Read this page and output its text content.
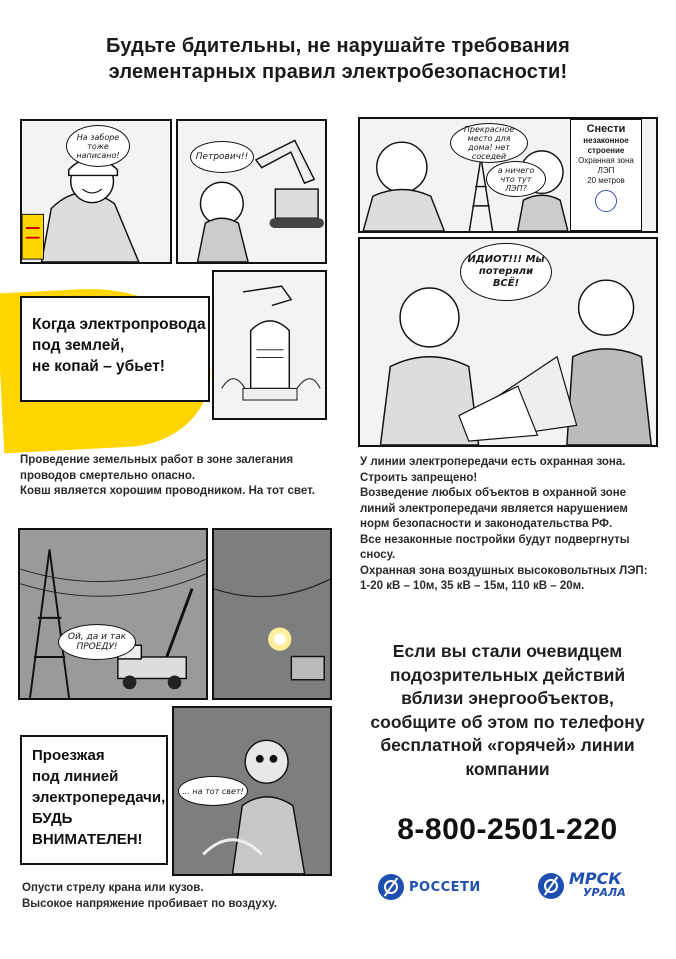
Будьте бдительны, не нарушайте требования
элементарных правил электробезопасности!
На заборе тоже написано!	Петрович!!
Когда электропровода
под землей,
не копай – убьет!

Проведение земельных работ в зоне залегания проводов смертельно опасно.

Ковш является хорошим проводником. На тот свет.

Прекрасное место для дома! нет соседей
а ничего что тут ЛЭП?
Снести
незаконное строение
Охранная зона ЛЭП
20 метров
ИДИОТ!!! Мы потеряли ВСЁ!

У линии электропередачи есть охранная зона.

Строить запрещено!

Возведение любых объектов в охранной зоне линий электропередачи является нарушением норм безопасности и законодательства РФ.

Все незаконные постройки будут подвергнуты сносу.

Охранная зона воздушных высоковольтных ЛЭП: 1-20 кВ – 10м, 35 кВ – 15м, 110 кВ – 20м.

Ой, да и так ПРОЕДУ!
... на тот свет!
Проезжая
под линией
электропередачи,
БУДЬ
ВНИМАТЕЛЕН!

Опусти стрелу крана или кузов.

Высокое напряжение пробивает по воздуху.

Если вы стали очевидцем
подозрительных действий
вблизи энергообъектов,
сообщите об этом по телефону
бесплатной «горячей» линии
компании
8-800-2501-220
РОССЕТИ	МРСК
УРАЛА
